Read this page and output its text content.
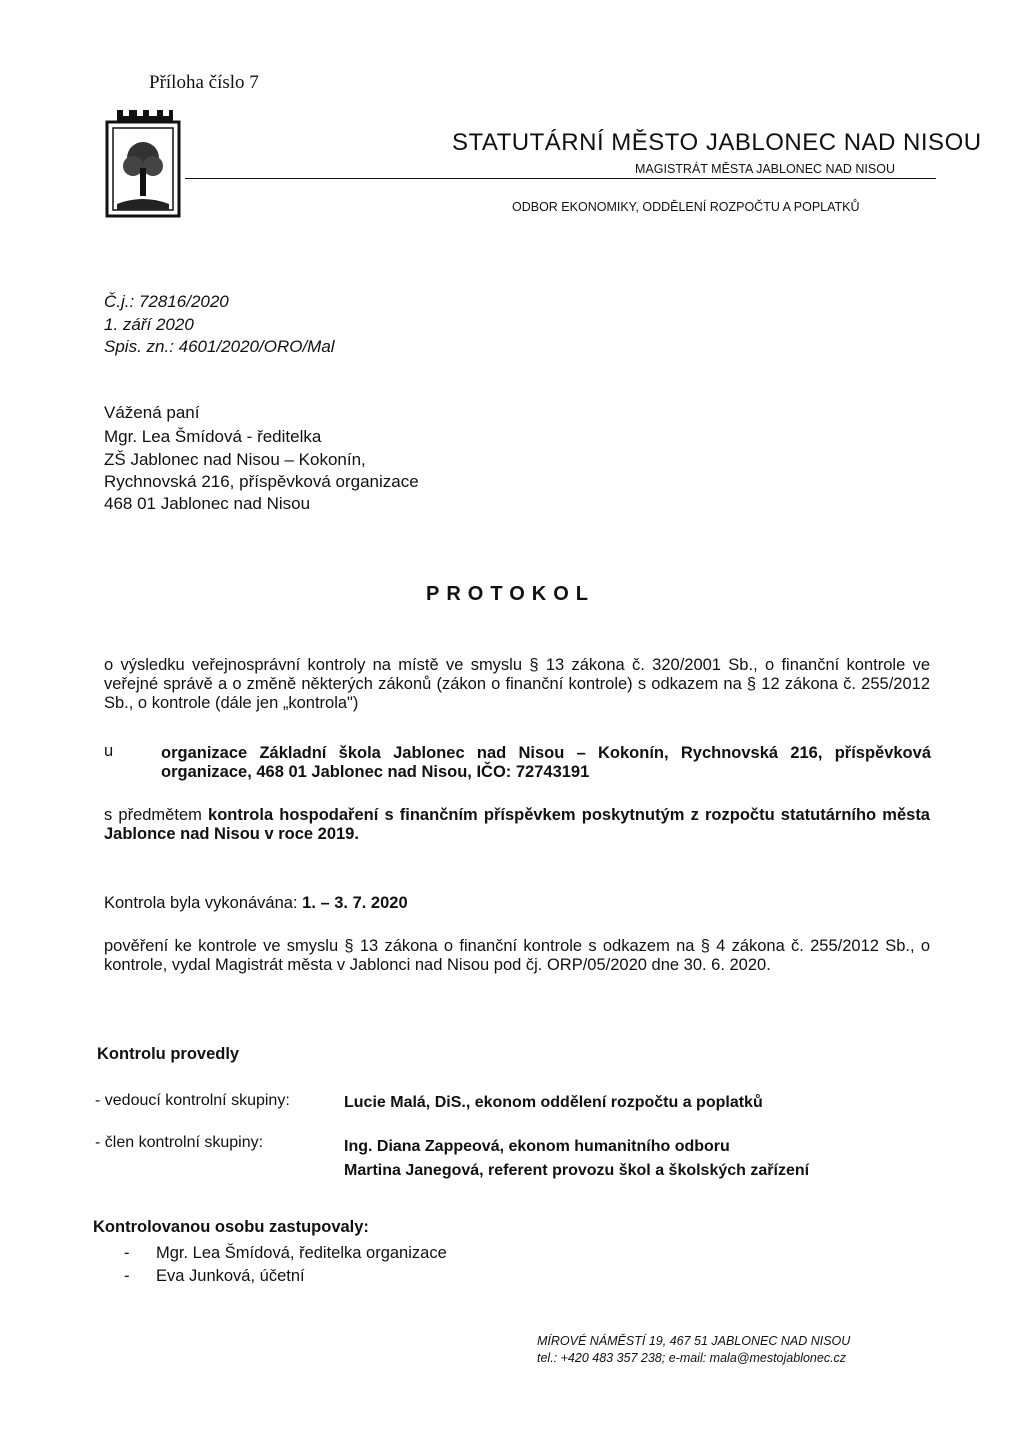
Příloha číslo 7
STATUTÁRNÍ MĚSTO JABLONEC NAD NISOU
MAGISTRÁT MĚSTA JABLONEC NAD NISOU
ODBOR EKONOMIKY, ODDĚLENÍ ROZPOČTU A POPLATKŮ
Č.j.: 72816/2020
1. září 2020
Spis. zn.: 4601/2020/ORO/Mal
Vážená paní
Mgr. Lea Šmídová - ředitelka
ZŠ Jablonec nad Nisou – Kokonín,
Rychnovská 216, příspěvková organizace
468 01 Jablonec nad Nisou
PROTOKOL
o výsledku veřejnosprávní kontroly na místě ve smyslu § 13 zákona č. 320/2001 Sb., o finanční kontrole ve veřejné správě a o změně některých zákonů (zákon o finanční kontrole) s odkazem na § 12 zákona č. 255/2012 Sb., o kontrole (dále jen „kontrola")
u	organizace Základní škola Jablonec nad Nisou – Kokonín, Rychnovská 216, příspěvková organizace, 468 01 Jablonec nad Nisou, IČO: 72743191
s předmětem kontrola hospodaření s finančním příspěvkem poskytnutým z rozpočtu statutárního města Jablonce nad Nisou v roce 2019.
Kontrola byla vykonávána: 1. – 3. 7. 2020
pověření ke kontrole ve smyslu § 13 zákona o finanční kontrole s odkazem na § 4 zákona č. 255/2012 Sb., o kontrole, vydal Magistrát města v Jablonci nad Nisou pod čj. ORP/05/2020 dne 30. 6. 2020.
Kontrolu provedly
- vedoucí kontrolní skupiny:	Lucie Malá, DiS., ekonom oddělení rozpočtu a poplatků
- člen kontrolní skupiny:	Ing. Diana Zappeová, ekonom humanitního odboru
Martina Janegová, referent provozu škol a školských zařízení
Kontrolovanou osobu zastupovaly:
- Mgr. Lea Šmídová, ředitelka organizace
- Eva Junková, účetní
MÍROVÉ NÁMĚSTÍ 19, 467 51 JABLONEC NAD NISOU
tel.: +420 483 357 238; e-mail: mala@mestojablonec.cz
